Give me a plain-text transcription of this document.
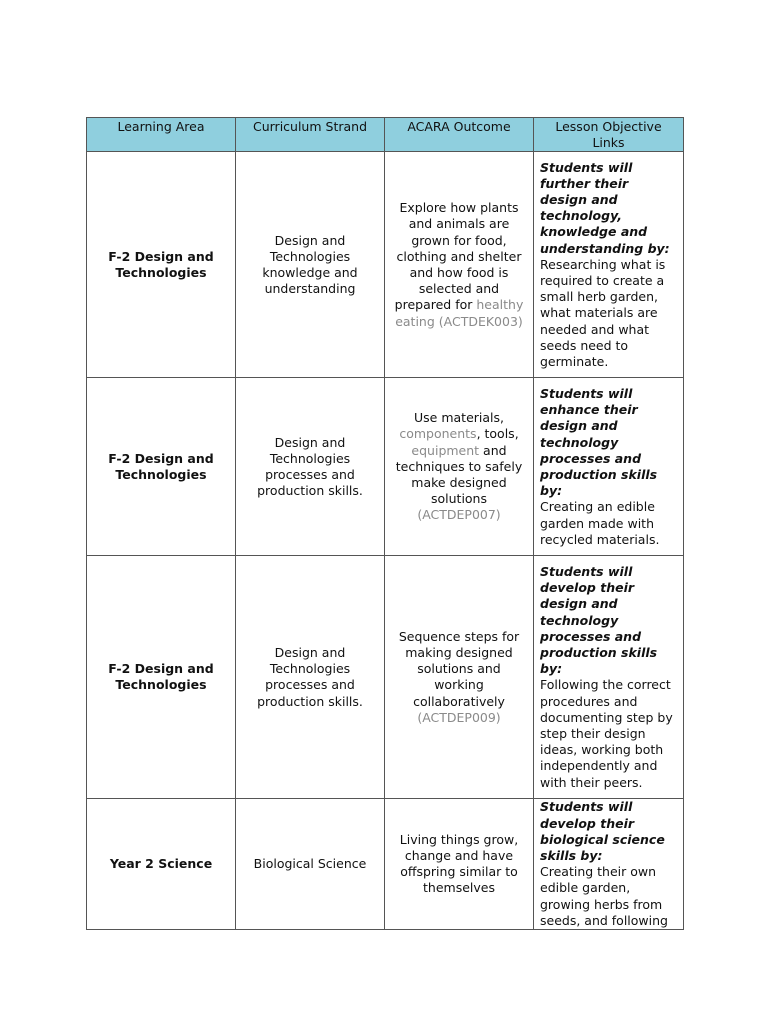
Learning Area	Curriculum Strand	ACARA Outcome	Lesson Objective Links
F-2 Design and Technologies	Design and Technologies knowledge and understanding	Explore how plants and animals are grown for food, clothing and shelter and how food is selected and prepared for healthy eating (ACTDEK003)	Students will further their design and technology, knowledge and understanding by:
Researching what is required to create a small herb garden, what materials are needed and what seeds need to germinate.
F-2 Design and Technologies	Design and Technologies processes and production skills.	Use materials, components, tools, equipment and techniques to safely make designed solutions (ACTDEP007)	Students will enhance their design and technology processes and production skills by:
Creating an edible garden made with recycled materials.
F-2 Design and Technologies	Design and Technologies processes and production skills.	Sequence steps for making designed solutions and working collaboratively (ACTDEP009)	Students will develop their design and technology processes and production skills by:
Following the correct procedures and documenting step by step their design ideas, working both independently and with their peers.
Year 2 Science	Biological Science	Living things grow, change and have offspring similar to themselves	Students will develop their biological science skills by:
Creating their own edible garden, growing herbs from seeds, and following
